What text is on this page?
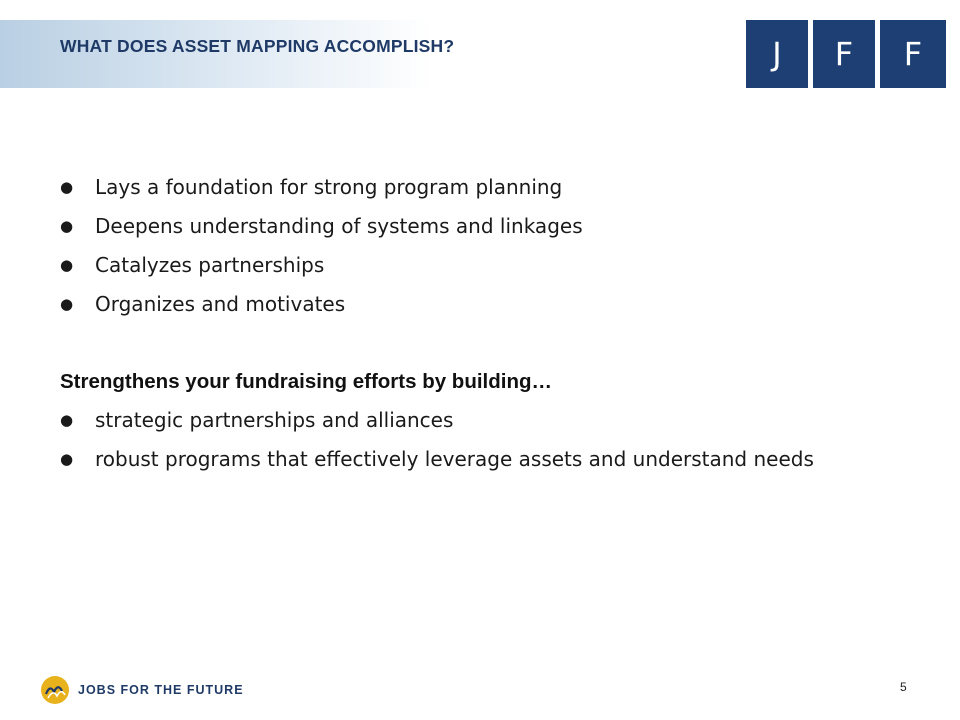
WHAT DOES ASSET MAPPING ACCOMPLISH?	J	F	F
● Lays a foundation for strong program planning
● Deepens understanding of systems and linkages
● Catalyzes partnerships
● Organizes and motivates
Strengthens your fundraising efforts by building…
● strategic partnerships and alliances
● robust programs that effectively leverage assets and understand needs
JOBS FOR THE FUTURE	5
